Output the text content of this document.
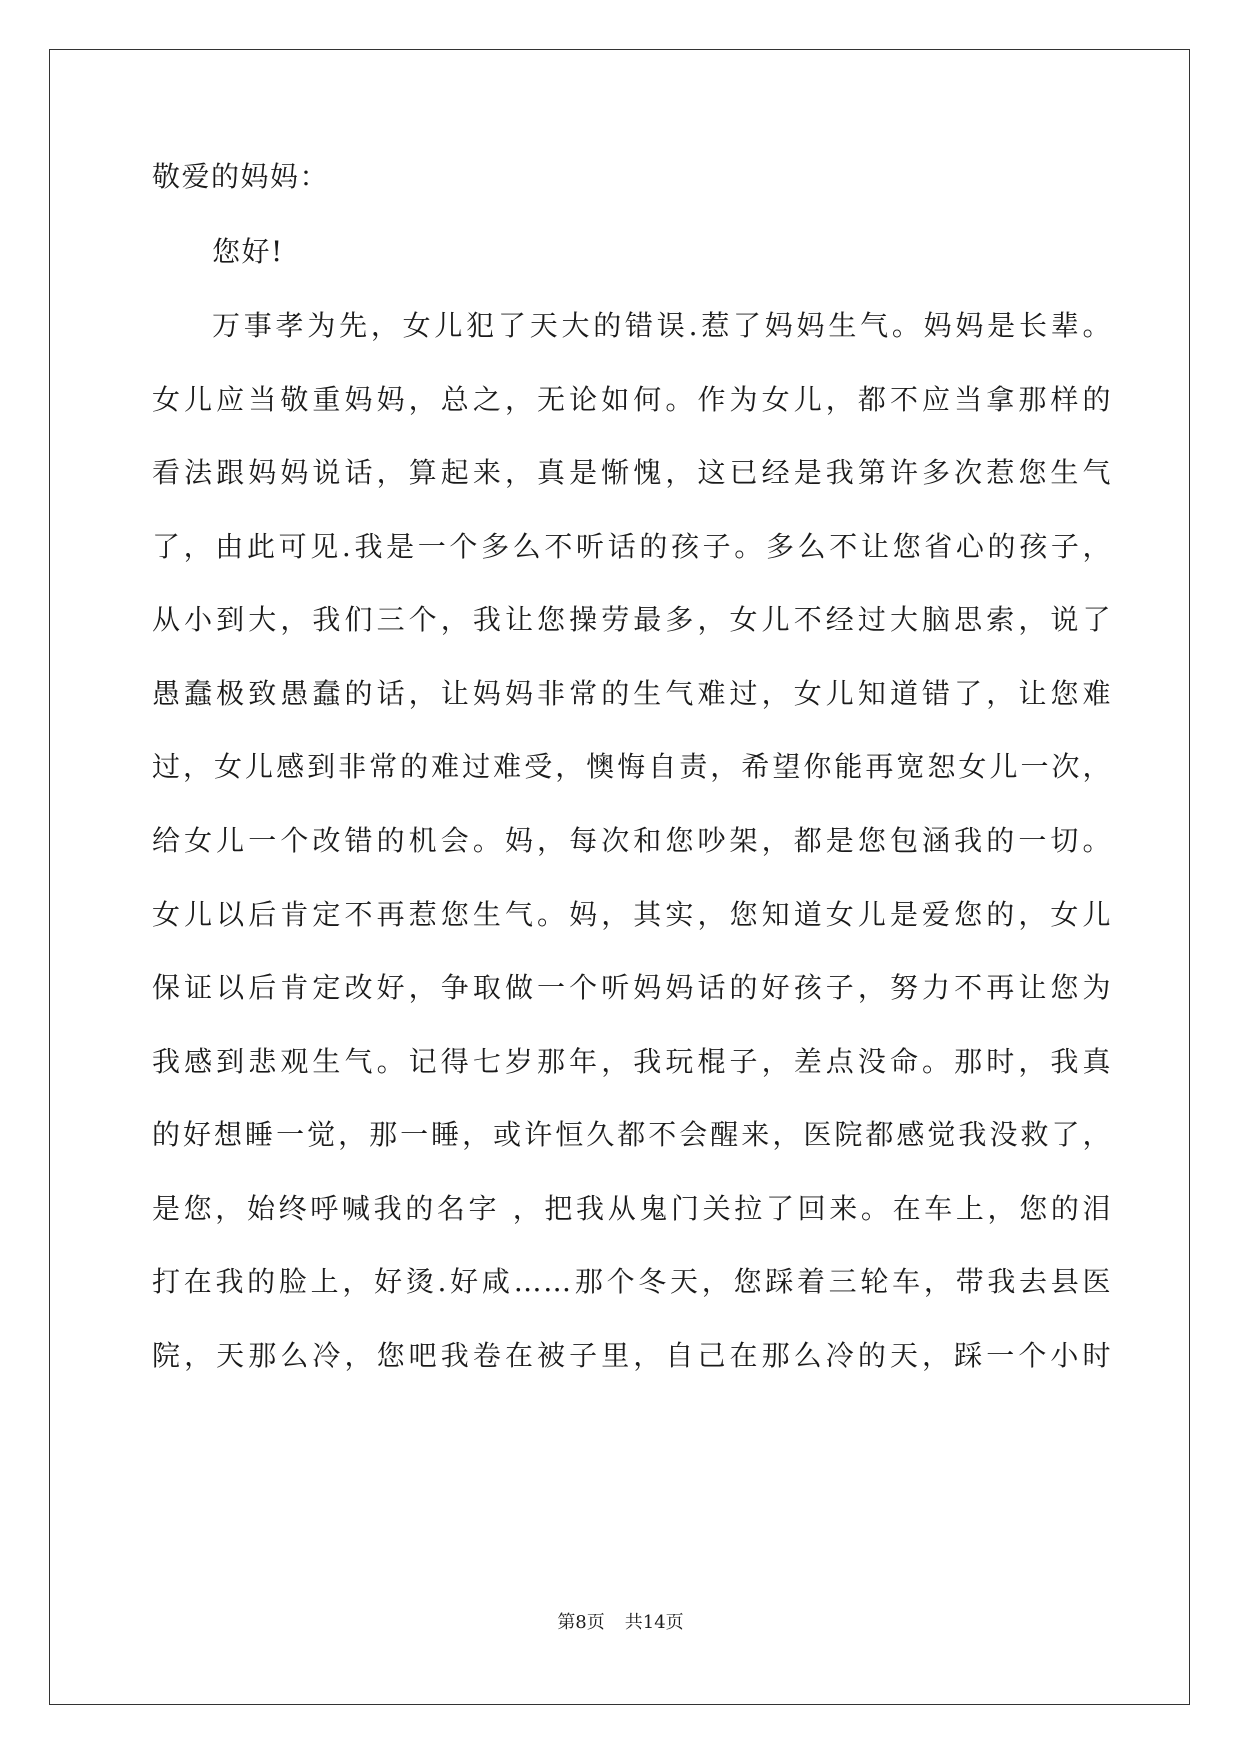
敬爱的妈妈：
您好!
万事孝为先，女儿犯了天大的错误.惹了妈妈生气。妈妈是长辈。
女儿应当敬重妈妈，总之，无论如何。作为女儿，都不应当拿那样的
看法跟妈妈说话，算起来，真是惭愧，这已经是我第许多次惹您生气
了，由此可见.我是一个多么不听话的孩子。多么不让您省心的孩子，
从小到大，我们三个，我让您操劳最多，女儿不经过大脑思索，说了
愚蠢极致愚蠢的话，让妈妈非常的生气难过，女儿知道错了，让您难
过，女儿感到非常的难过难受，懊悔自责，希望你能再宽恕女儿一次，
给女儿一个改错的机会。妈，每次和您吵架，都是您包涵我的一切。
女儿以后肯定不再惹您生气。妈，其实，您知道女儿是爱您的，女儿
保证以后肯定改好，争取做一个听妈妈话的好孩子，努力不再让您为
我感到悲观生气。记得七岁那年，我玩棍子，差点没命。那时，我真
的好想睡一觉，那一睡，或许恒久都不会醒来，医院都感觉我没救了，
是您，始终呼喊我的名字 ，把我从鬼门关拉了回来。在车上，您的泪
打在我的脸上，好烫.好咸……那个冬天，您踩着三轮车，带我去县医
院，天那么冷，您吧我卷在被子里，自己在那么冷的天，踩一个小时
第8页 共14页
